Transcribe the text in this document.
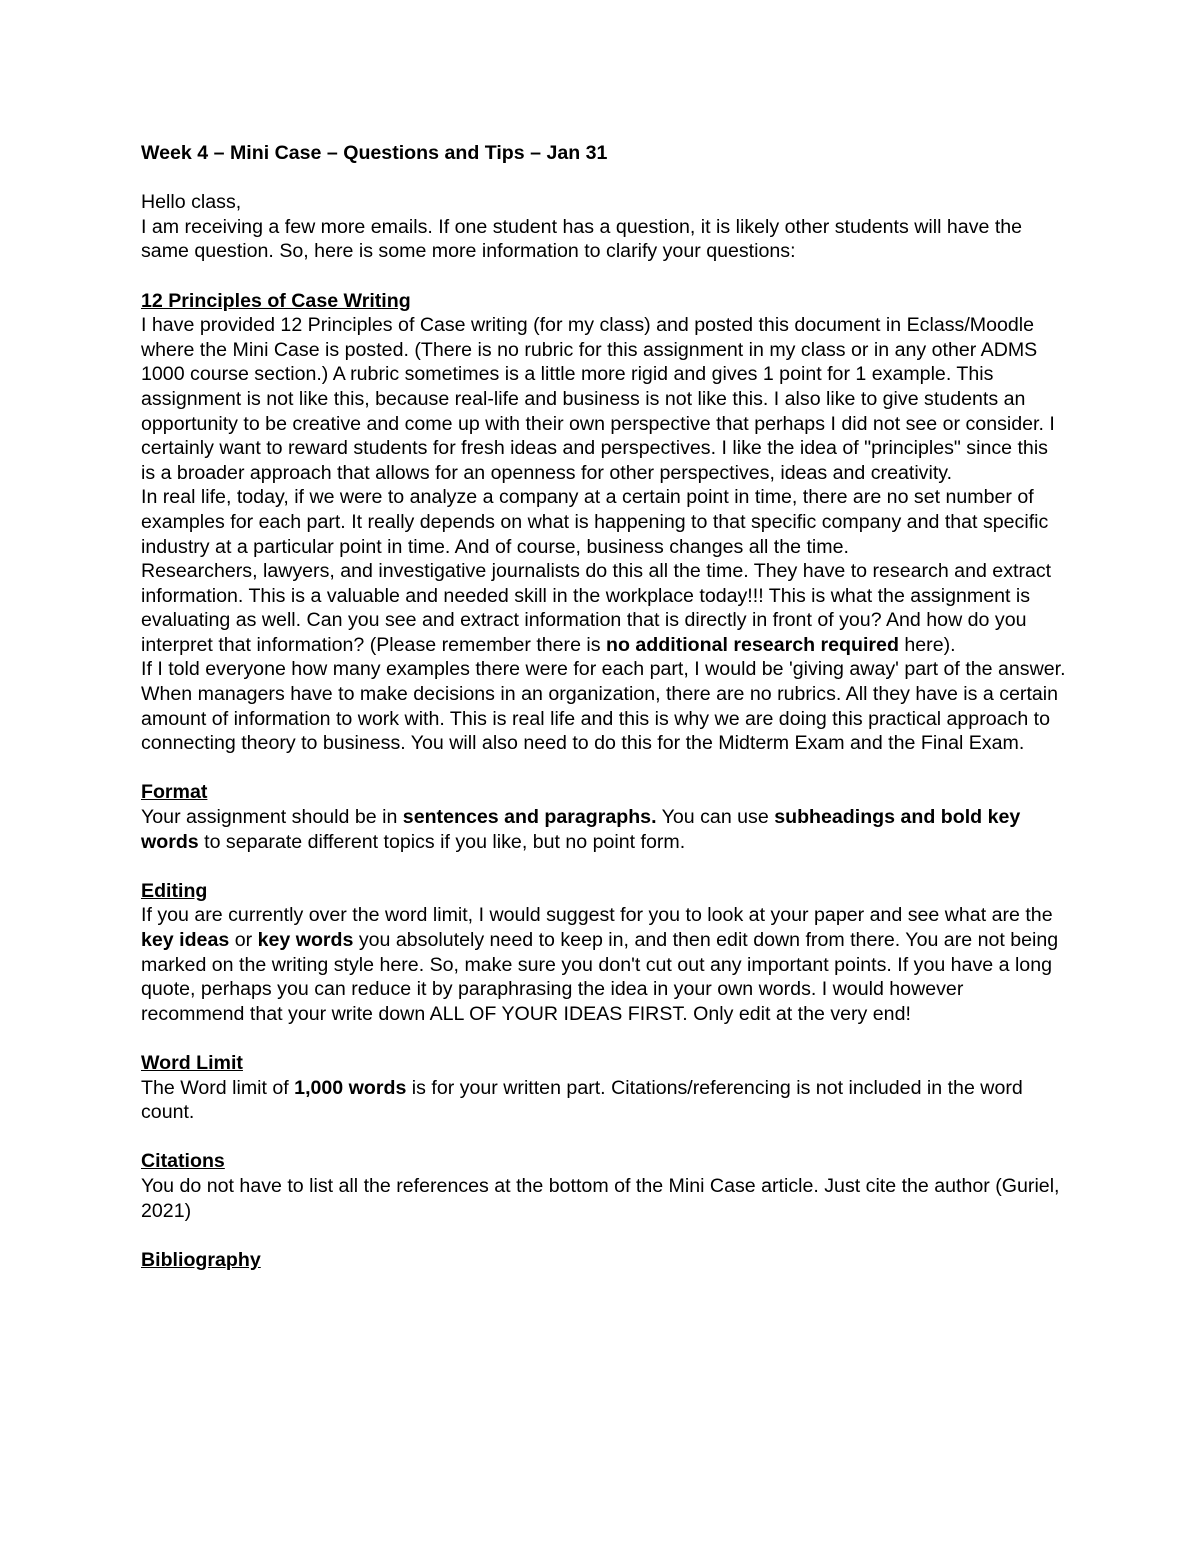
Week 4 – Mini Case – Questions and Tips – Jan 31

Hello class,

I am receiving a few more emails. If one student has a question, it is likely other students will have the same question. So, here is some more information to clarify your questions:

12 Principles of Case Writing

I have provided 12 Principles of Case writing (for my class) and posted this document in Eclass/Moodle where the Mini Case is posted. (There is no rubric for this assignment in my class or in any other ADMS 1000 course section.) A rubric sometimes is a little more rigid and gives 1 point for 1 example. This assignment is not like this, because real-life and business is not like this. I also like to give students an opportunity to be creative and come up with their own perspective that perhaps I did not see or consider. I certainly want to reward students for fresh ideas and perspectives. I like the idea of "principles" since this is a broader approach that allows for an openness for other perspectives, ideas and creativity.

In real life, today, if we were to analyze a company at a certain point in time, there are no set number of examples for each part. It really depends on what is happening to that specific company and that specific industry at a particular point in time. And of course, business changes all the time.

Researchers, lawyers, and investigative journalists do this all the time. They have to research and extract information. This is a valuable and needed skill in the workplace today!!! This is what the assignment is evaluating as well. Can you see and extract information that is directly in front of you? And how do you interpret that information? (Please remember there is no additional research required here).

If I told everyone how many examples there were for each part, I would be 'giving away' part of the answer. When managers have to make decisions in an organization, there are no rubrics. All they have is a certain amount of information to work with. This is real life and this is why we are doing this practical approach to connecting theory to business. You will also need to do this for the Midterm Exam and the Final Exam.

Format

Your assignment should be in sentences and paragraphs. You can use subheadings and bold key words to separate different topics if you like, but no point form.

Editing

If you are currently over the word limit, I would suggest for you to look at your paper and see what are the key ideas or key words you absolutely need to keep in, and then edit down from there. You are not being marked on the writing style here. So, make sure you don't cut out any important points. If you have a long quote, perhaps you can reduce it by paraphrasing the idea in your own words. I would however recommend that your write down ALL OF YOUR IDEAS FIRST. Only edit at the very end!

Word Limit

The Word limit of 1,000 words is for your written part. Citations/referencing is not included in the word count.

Citations

You do not have to list all the references at the bottom of the Mini Case article. Just cite the author (Guriel, 2021)

Bibliography
